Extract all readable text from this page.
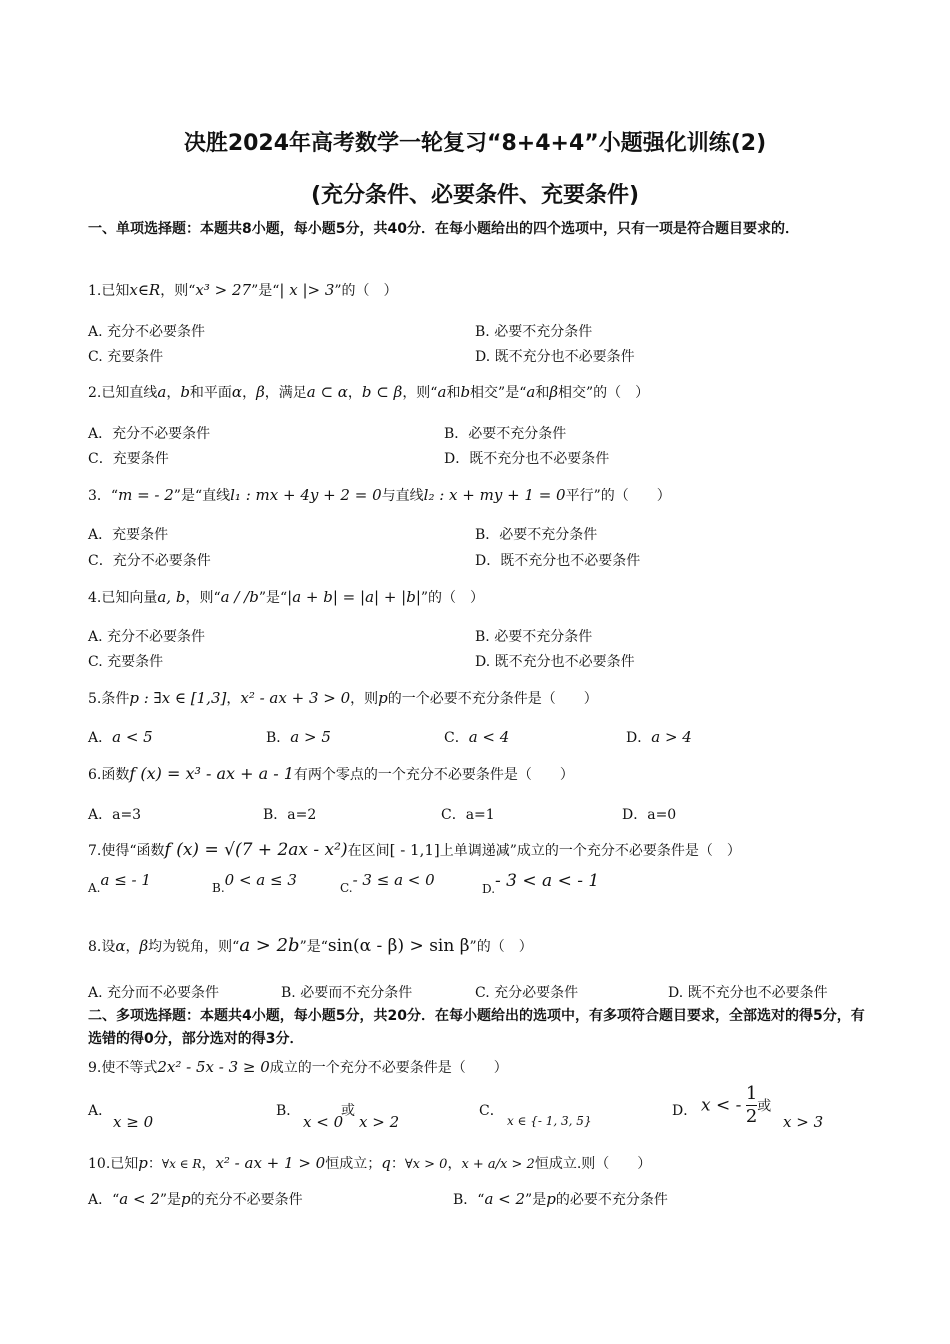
决胜2024年高考数学一轮复习“8+4+4”小题强化训练(2)
(充分条件、必要条件、充要条件)
一、单项选择题：本题共8小题，每小题5分，共40分．在每小题给出的四个选项中，只有一项是符合题目要求的．
1.已知x∈R，则“x³ > 27”是“| x |> 3”的（　）
A. 充分不必要条件	B. 必要不充分条件
C. 充要条件	D. 既不充分也不必要条件
2.已知直线a，b和平面α，β，满足a ⊂ α，b ⊂ β，则“a和b相交”是“a和β相交”的（　）
A．充分不必要条件	B．必要不充分条件
C．充要条件	D．既不充分也不必要条件
3．“m = - 2”是“直线l₁ : mx + 4y + 2 = 0与直线l₂ : x + my + 1 = 0平行”的（　　）
A．充要条件	B．必要不充分条件
C．充分不必要条件	D．既不充分也不必要条件
4.已知向量a, b，则“a / /b”是“|a + b| = |a| + |b|”的（　）
A. 充分不必要条件	B. 必要不充分条件
C. 充要条件	D. 既不充分也不必要条件
5.条件p : ∃x ∈ [1,3]，x² - ax + 3 > 0，则p的一个必要不充分条件是（　　）
A．a < 5	B．a > 5	C．a < 4	D．a > 4
6.函数f (x) = x³ - ax + a - 1有两个零点的一个充分不必要条件是（　　）
A．a=3	B．a=2	C．a=1	D．a=0
7.使得“函数f (x) = √(7 + 2ax - x²)在区间[ - 1,1]上单调递减”成立的一个充分不必要条件是（　）
A.a ≤ - 1	B.0 < a ≤ 3	C.- 3 ≤ a < 0	D.- 3 < a < - 1
8.设α，β均为锐角，则“a > 2b”是“sin(α - β) > sin β”的（　）
A. 充分而不必要条件	B. 必要而不充分条件	C. 充分必要条件	D. 既不充分也不必要条件
二、多项选择题：本题共4小题，每小题5分，共20分．在每小题给出的选项中，有多项符合题目要求，全部选对的得5分，有选错的得0分，部分选对的得3分．
9.使不等式2x² - 5x - 3 ≥ 0成立的一个充分不必要条件是（　　）
A．
x ≥ 0
B．
x < 0
或
x > 2
C．
x ∈ {- 1, 3, 5}
D． x < - $\frac{1}{2}$ 或
x > 3
10.已知p：∀x ∈ R，x² - ax + 1 > 0恒成立；q：∀x > 0，x + a/x > 2恒成立.则（　　）
A．“a < 2”是p的充分不必要条件	B．“a < 2”是p的必要不充分条件
